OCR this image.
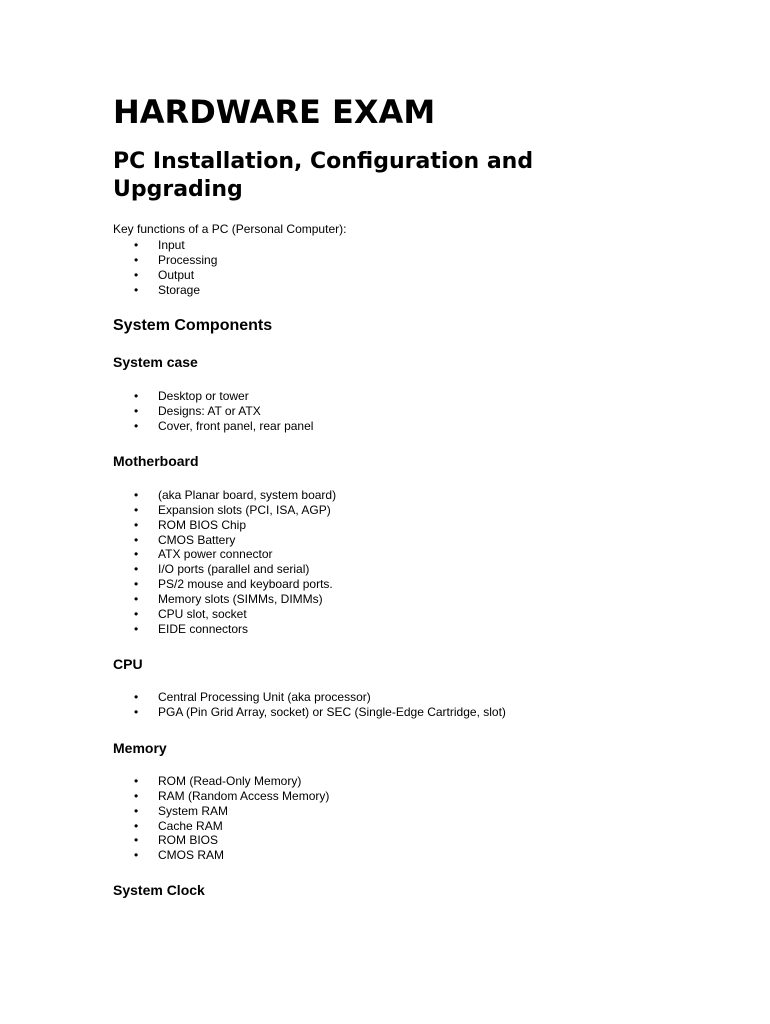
HARDWARE EXAM
PC Installation, Configuration and Upgrading

Key functions of a PC (Personal Computer):

• Input
• Processing
• Output
• Storage
System Components
System case
• Desktop or tower
• Designs: AT or ATX
• Cover, front panel, rear panel
Motherboard
• (aka Planar board, system board)
• Expansion slots (PCI, ISA, AGP)
• ROM BIOS Chip
• CMOS Battery
• ATX power connector
• I/O ports (parallel and serial)
• PS/2 mouse and keyboard ports.
• Memory slots (SIMMs, DIMMs)
• CPU slot, socket
• EIDE connectors
CPU
• Central Processing Unit (aka processor)
• PGA (Pin Grid Array, socket) or SEC (Single-Edge Cartridge, slot)
Memory
• ROM (Read-Only Memory)
• RAM (Random Access Memory)
• System RAM
• Cache RAM
• ROM BIOS
• CMOS RAM
System Clock
